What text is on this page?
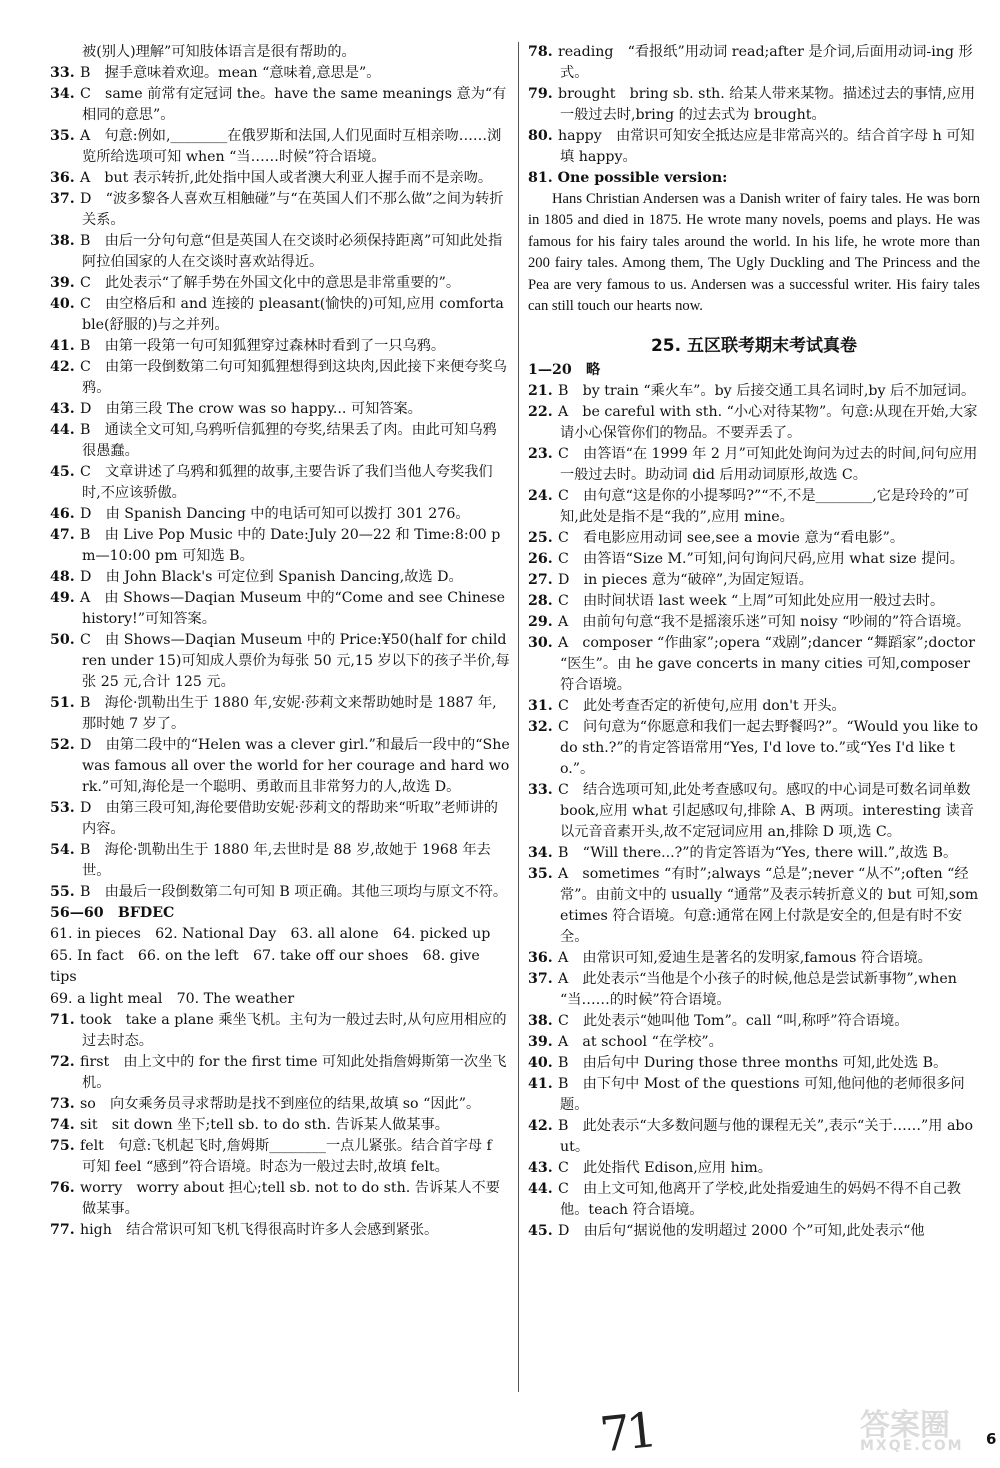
被(别人)理解”可知肢体语言是很有帮助的。

33. B　握手意味着欢迎。mean “意味着,意思是”。

34. C　same 前常有定冠词 the。have the same meanings 意为“有相同的意思”。

35. A　句意:例如,________在俄罗斯和法国,人们见面时互相亲吻……浏览所给选项可知 when “当……时候”符合语境。

36. A　but 表示转折,此处指中国人或者澳大利亚人握手而不是亲吻。

37. D　“波多黎各人喜欢互相触碰”与“在英国人们不那么做”之间为转折关系。

38. B　由后一分句句意“但是英国人在交谈时必须保持距离”可知此处指阿拉伯国家的人在交谈时喜欢站得近。

39. C　此处表示“了解手势在外国文化中的意思是非常重要的”。

40. C　由空格后和 and 连接的 pleasant(愉快的)可知,应用 comfortable(舒服的)与之并列。

41. B　由第一段第一句可知狐狸穿过森林时看到了一只乌鸦。

42. C　由第一段倒数第二句可知狐狸想得到这块肉,因此接下来便夸奖乌鸦。

43. D　由第三段 The crow was so happy... 可知答案。

44. B　通读全文可知,乌鸦听信狐狸的夸奖,结果丢了肉。由此可知乌鸦很愚蠢。

45. C　文章讲述了乌鸦和狐狸的故事,主要告诉了我们当他人夸奖我们时,不应该骄傲。

46. D　由 Spanish Dancing 中的电话可知可以拨打 301 276。

47. B　由 Live Pop Music 中的 Date:July 20—22 和 Time:8:00 pm—10:00 pm 可知选 B。

48. D　由 John Black's 可定位到 Spanish Dancing,故选 D。

49. A　由 Shows—Daqian Museum 中的“Come and see Chinese history!”可知答案。

50. C　由 Shows—Daqian Museum 中的 Price:¥50(half for children under 15)可知成人票价为每张 50 元,15 岁以下的孩子半价,每张 25 元,合计 125 元。

51. B　海伦·凯勒出生于 1880 年,安妮·莎莉文来帮助她时是 1887 年,那时她 7 岁了。

52. D　由第二段中的“Helen was a clever girl.”和最后一段中的“She was famous all over the world for her courage and hard work.”可知,海伦是一个聪明、勇敢而且非常努力的人,故选 D。

53. D　由第三段可知,海伦要借助安妮·莎莉文的帮助来“听取”老师讲的内容。

54. B　海伦·凯勒出生于 1880 年,去世时是 88 岁,故她于 1968 年去世。

55. B　由最后一段倒数第二句可知 B 项正确。其他三项均与原文不符。

56—60　BFDEC
61. in pieces　62. National Day　63. all alone　64. picked up
65. In fact　66. on the left　67. take off our shoes　68. give tips
69. a light meal　70. The weather

71. took　take a plane 乘坐飞机。主句为一般过去时,从句应用相应的过去时态。

72. first　由上文中的 for the first time 可知此处指詹姆斯第一次坐飞机。

73. so　向女乘务员寻求帮助是找不到座位的结果,故填 so “因此”。

74. sit　sit down 坐下;tell sb. to do sth. 告诉某人做某事。

75. felt　句意:飞机起飞时,詹姆斯________一点儿紧张。结合首字母 f 可知 feel “感到”符合语境。时态为一般过去时,故填 felt。

76. worry　worry about 担心;tell sb. not to do sth. 告诉某人不要做某事。

77. high　结合常识可知飞机飞得很高时许多人会感到紧张。

78. reading　“看报纸”用动词 read;after 是介词,后面用动词-ing 形式。

79. brought　bring sb. sth. 给某人带来某物。描述过去的事情,应用一般过去时,bring 的过去式为 brought。

80. happy　由常识可知安全抵达应是非常高兴的。结合首字母 h 可知填 happy。

81. One possible version:

Hans Christian Andersen was a Danish writer of fairy tales. He was born in 1805 and died in 1875. He wrote many novels, poems and plays. He was famous for his fairy tales around the world. In his life, he wrote more than 200 fairy tales. Among them, The Ugly Duckling and The Princess and the Pea are very famous to us. Andersen was a successful writer. His fairy tales can still touch our hearts now.

25. 五区联考期末考试真卷
1—20　略

21. B　by train “乘火车”。by 后接交通工具名词时,by 后不加冠词。

22. A　be careful with sth. “小心对待某物”。句意:从现在开始,大家请小心保管你们的物品。不要弄丢了。

23. C　由答语“在 1999 年 2 月”可知此处询问为过去的时间,问句应用一般过去时。助动词 did 后用动词原形,故选 C。

24. C　由句意“这是你的小提琴吗?”“不,不是________,它是玲玲的”可知,此处是指不是“我的”,应用 mine。

25. C　看电影应用动词 see,see a movie 意为“看电影”。

26. C　由答语“Size M.”可知,问句询问尺码,应用 what size 提问。

27. D　in pieces 意为“破碎”,为固定短语。

28. C　由时间状语 last week “上周”可知此处应用一般过去时。

29. A　由前句句意“我不是摇滚乐迷”可知 noisy “吵闹的”符合语境。

30. A　composer “作曲家”;opera “戏剧”;dancer “舞蹈家”;doctor “医生”。由 he gave concerts in many cities 可知,composer 符合语境。

31. C　此处考查否定的祈使句,应用 don't 开头。

32. C　问句意为“你愿意和我们一起去野餐吗?”。“Would you like to do sth.?”的肯定答语常用“Yes, I'd love to.”或“Yes I'd like to.”。

33. C　结合选项可知,此处考查感叹句。感叹的中心词是可数名词单数 book,应用 what 引起感叹句,排除 A、B 两项。interesting 读音以元音音素开头,故不定冠词应用 an,排除 D 项,选 C。

34. B　“Will there...?”的肯定答语为“Yes, there will.”,故选 B。

35. A　sometimes “有时”;always “总是”;never “从不”;often “经常”。由前文中的 usually “通常”及表示转折意义的 but 可知,sometimes 符合语境。句意:通常在网上付款是安全的,但是有时不安全。

36. A　由常识可知,爱迪生是著名的发明家,famous 符合语境。

37. A　此处表示“当他是个小孩子的时候,他总是尝试新事物”,when “当……的时候”符合语境。

38. C　此处表示“她叫他 Tom”。call “叫,称呼”符合语境。

39. A　at school “在学校”。

40. B　由后句中 During those three months 可知,此处选 B。

41. B　由下句中 Most of the questions 可知,他问他的老师很多问题。

42. B　此处表示“大多数问题与他的课程无关”,表示“关于……”用 about。

43. C　此处指代 Edison,应用 him。

44. C　由上文可知,他离开了学校,此处指爱迪生的妈妈不得不自己教他。teach 符合语境。

45. D　由后句“据说他的发明超过 2000 个”可知,此处表示“他

71	答案圈
MXQE.COM	6
